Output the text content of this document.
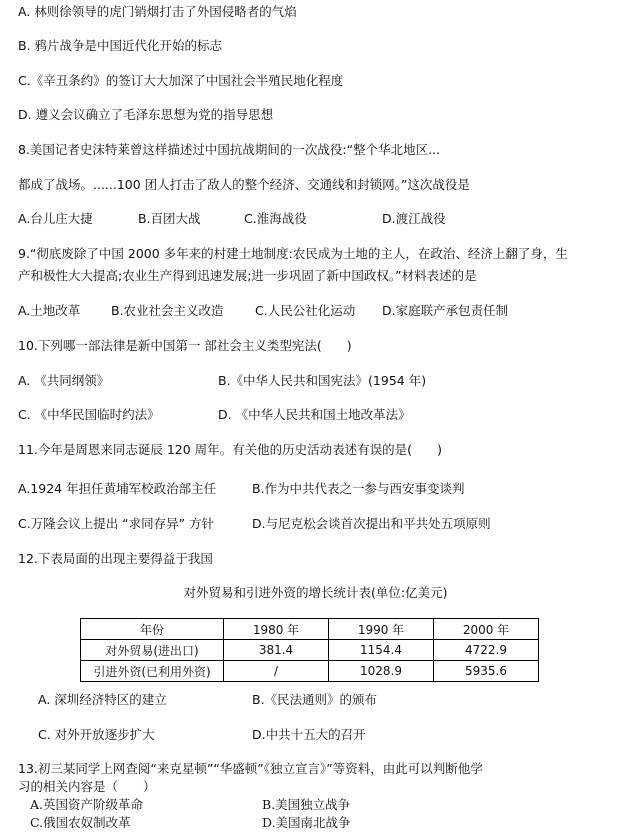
A. 林则徐领导的虎门销烟打击了外国侵略者的气焰
B. 鸦片战争是中国近代化开始的标志
C.《辛丑条约》的签订大大加深了中国社会半殖民地化程度
D. 遵义会议确立了毛泽东思想为党的指导思想
8.美国记者史沫特莱曾这样描述过中国抗战期间的一次战役:“整个华北地区...
都成了战场。......100 团人打击了敌人的整个经济、交通线和封锁网。”这次战役是
A.台儿庄大捷	B.百团大战	C.淮海战役	D.渡江战役
9.“彻底废除了中国 2000 多年来的村建土地制度:农民成为土地的主人，在政治、经济上翻了身，生
产和极性大大提高;农业生产得到迅速发展;进一步巩固了新中国政权。”材料表述的是
A.土地改革 B.农业社会主义改造	C.人民公社化运动 D.家庭联产承包责任制
10.下列哪一部法律是新中国第一 部社会主义类型宪法(　　)
A. 《共同纲领》	B.《中华人民共和国宪法》(1954 年)
C. 《中华民国临时约法》	D. 《中华人民共和国土地改革法》
11.今年是周恩来同志诞辰 120 周年。有关他的历史活动表述有误的是(　　)
A.1924 年担任黄埔军校政治部主任	B.作为中共代表之一参与西安事变谈判
C.万隆会议上提出 “求同存异” 方针	D.与尼克松会谈首次提出和平共处五项原则
12.下表局面的出现主要得益于我国
对外贸易和引进外资的增长统计表(单位:亿美元)
年份	1980 年	1990 年	2000 年
对外贸易(进出口)	381.4	1154.4	4722.9
引进外资(已利用外资)	/	1028.9	5935.6
A. 深圳经济特区的建立	B.《民法通则》的颁布
C. 对外开放逐步扩大	D.中共十五大的召开
13.初三某同学上网查阅“来克星顿”“华盛顿”《独立宣言》”等资料，由此可以判断他学
习的相关内容是（　　）
A.英国资产阶级革命	B.美国独立战争
C.俄国农奴制改革	D.美国南北战争
